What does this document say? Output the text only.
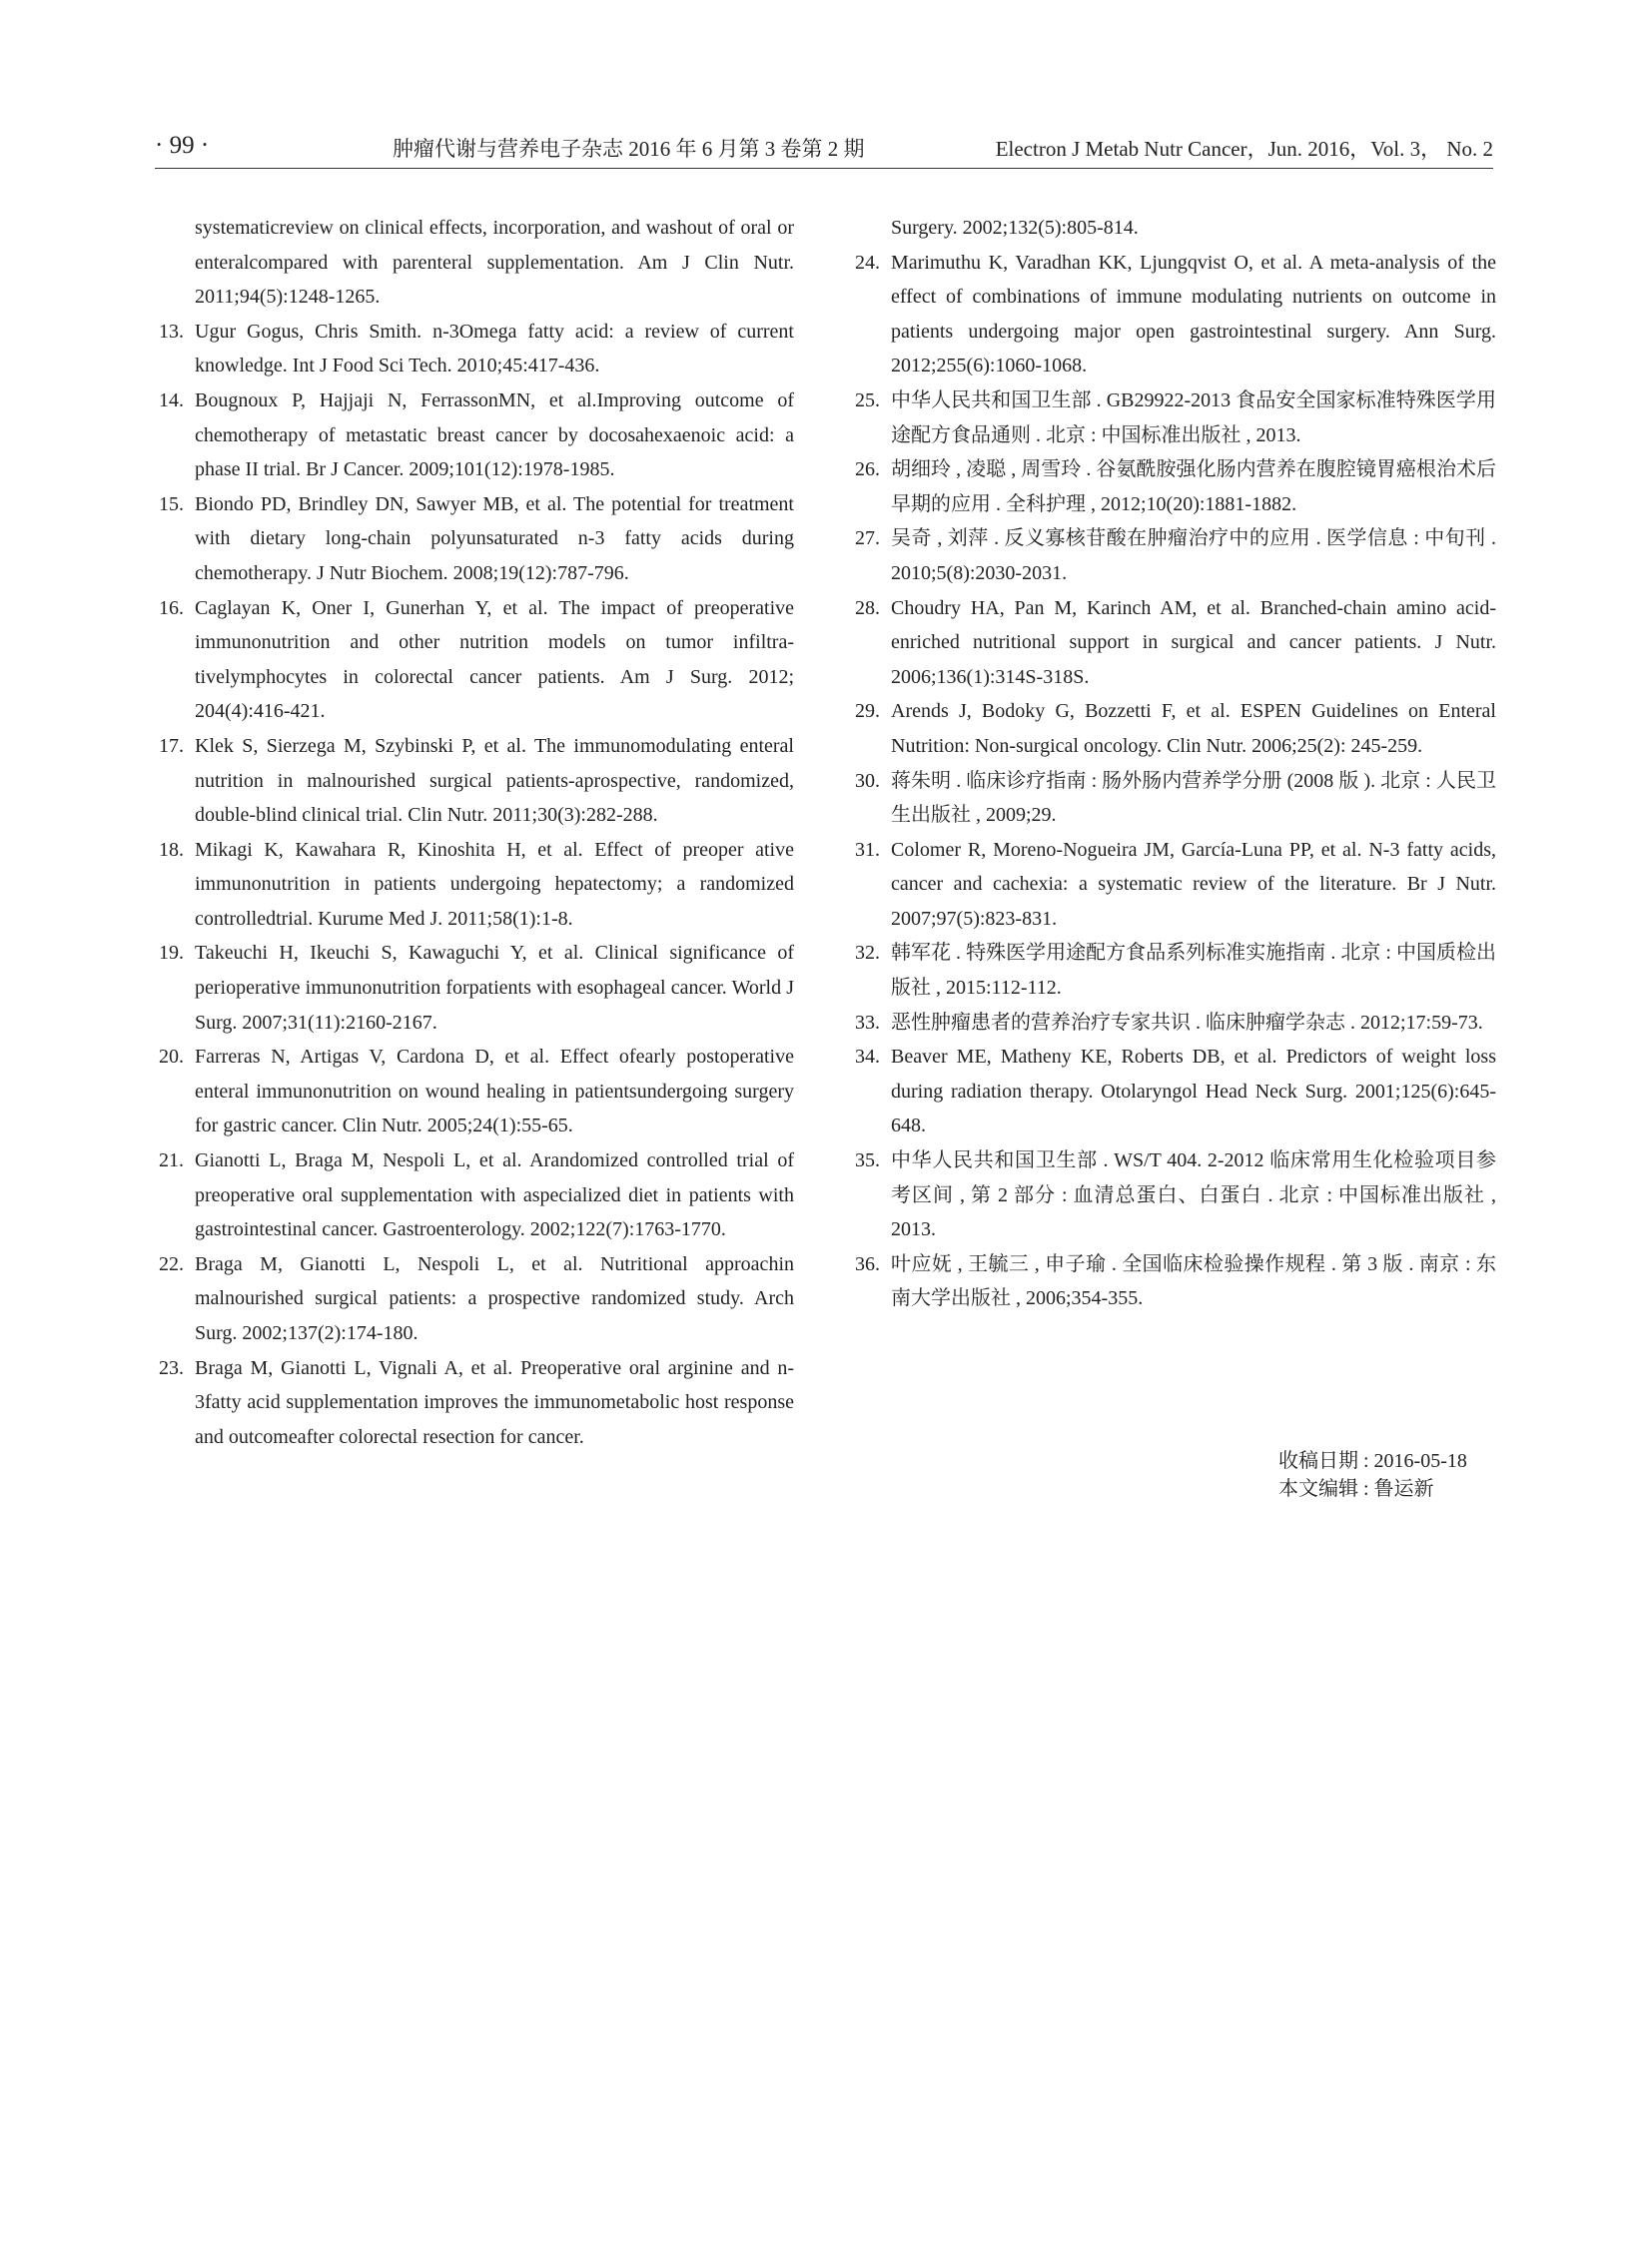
· 99 ·	肿瘤代谢与营养电子杂志 2016 年 6 月第 3 卷第 2 期	Electron J Metab Nutr Cancer，Jun. 2016，Vol. 3， No. 2
systematicreview on clinical effects, incorporation, and washout of oral or enteralcompared with parenteral supplementation. Am J Clin Nutr. 2011;94(5):1248-1265.
13. Ugur Gogus, Chris Smith. n-3Omega fatty acid: a review of current knowledge. Int J Food Sci Tech. 2010;45:417-436.
14. Bougnoux P, Hajjaji N, FerrassonMN, et al.Improving outcome of chemotherapy of metastatic breast cancer by docosahexaenoic acid: a phase II trial. Br J Cancer. 2009;101(12):1978-1985.
15. Biondo PD, Brindley DN, Sawyer MB, et al. The potential for treatment with dietary long-chain polyunsaturated n-3 fatty acids during chemotherapy. J Nutr Biochem. 2008;19(12):787-796.
16. Caglayan K, Oner I, Gunerhan Y, et al. The impact of preoperative immunonutrition and other nutrition models on tumor infiltra-tivelymphocytes in colorectal cancer patients. Am J Surg. 2012; 204(4):416-421.
17. Klek S, Sierzega M, Szybinski P, et al. The immunomodulating enteral nutrition in malnourished surgical patients-aprospective, randomized, double-blind clinical trial. Clin Nutr. 2011;30(3):282-288.
18. Mikagi K, Kawahara R, Kinoshita H, et al. Effect of preoper ative immunonutrition in patients undergoing hepatectomy; a randomized controlledtrial. Kurume Med J. 2011;58(1):1-8.
19. Takeuchi H, Ikeuchi S, Kawaguchi Y, et al. Clinical significance of perioperative immunonutrition forpatients with esophageal cancer. World J Surg. 2007;31(11):2160-2167.
20. Farreras N, Artigas V, Cardona D, et al. Effect ofearly postoperative enteral immunonutrition on wound healing in patientsundergoing surgery for gastric cancer. Clin Nutr. 2005;24(1):55-65.
21. Gianotti L, Braga M, Nespoli L, et al. Arandomized controlled trial of preoperative oral supplementation with aspecialized diet in patients with gastrointestinal cancer. Gastroenterology. 2002;122(7):1763-1770.
22. Braga M, Gianotti L, Nespoli L, et al. Nutritional approachin malnourished surgical patients: a prospective randomized study. Arch Surg. 2002;137(2):174-180.
23. Braga M, Gianotti L, Vignali A, et al. Preoperative oral arginine and n-3fatty acid supplementation improves the immunometabolic host response and outcomeafter colorectal resection for cancer.
Surgery. 2002;132(5):805-814.
24. Marimuthu K, Varadhan KK, Ljungqvist O, et al. A meta-analysis of the effect of combinations of immune modulating nutrients on outcome in patients undergoing major open gastrointestinal surgery. Ann Surg. 2012;255(6):1060-1068.
25. 中华人民共和国卫生部 . GB29922-2013 食品安全国家标准特殊医学用途配方食品通则 . 北京 : 中国标准出版社 , 2013.
26. 胡细玲 , 凌聪 , 周雪玲 . 谷氨酰胺强化肠内营养在腹腔镜胃癌根治术后早期的应用 . 全科护理 , 2012;10(20):1881-1882.
27. 吴奇 , 刘萍 . 反义寡核苷酸在肿瘤治疗中的应用 . 医学信息 : 中旬刊 . 2010;5(8):2030-2031.
28. Choudry HA, Pan M, Karinch AM, et al. Branched-chain amino acid-enriched nutritional support in surgical and cancer patients. J Nutr. 2006;136(1):314S-318S.
29. Arends J, Bodoky G, Bozzetti F, et al. ESPEN Guidelines on Enteral Nutrition: Non-surgical oncology. Clin Nutr. 2006;25(2): 245-259.
30. 蒋朱明 . 临床诊疗指南 : 肠外肠内营养学分册 (2008 版 ). 北京 : 人民卫生出版社 , 2009;29.
31. Colomer R, Moreno-Nogueira JM, García-Luna PP, et al. N-3 fatty acids, cancer and cachexia: a systematic review of the literature. Br J Nutr. 2007;97(5):823-831.
32. 韩军花 . 特殊医学用途配方食品系列标准实施指南 . 北京 : 中国质检出版社 , 2015:112-112.
33. 恶性肿瘤患者的营养治疗专家共识 . 临床肿瘤学杂志 . 2012;17:59-73.
34. Beaver ME, Matheny KE, Roberts DB, et al. Predictors of weight loss during radiation therapy. Otolaryngol Head Neck Surg. 2001;125(6):645-648.
35. 中华人民共和国卫生部 . WS/T 404. 2-2012 临床常用生化检验项目参考区间 , 第 2 部分 : 血清总蛋白、白蛋白 . 北京 : 中国标准出版社 , 2013.
36. 叶应妩 , 王毓三 , 申子瑜 . 全国临床检验操作规程 . 第 3 版 . 南京 : 东南大学出版社 , 2006;354-355.
收稿日期 : 2016-05-18
本文编辑 : 鲁运新
